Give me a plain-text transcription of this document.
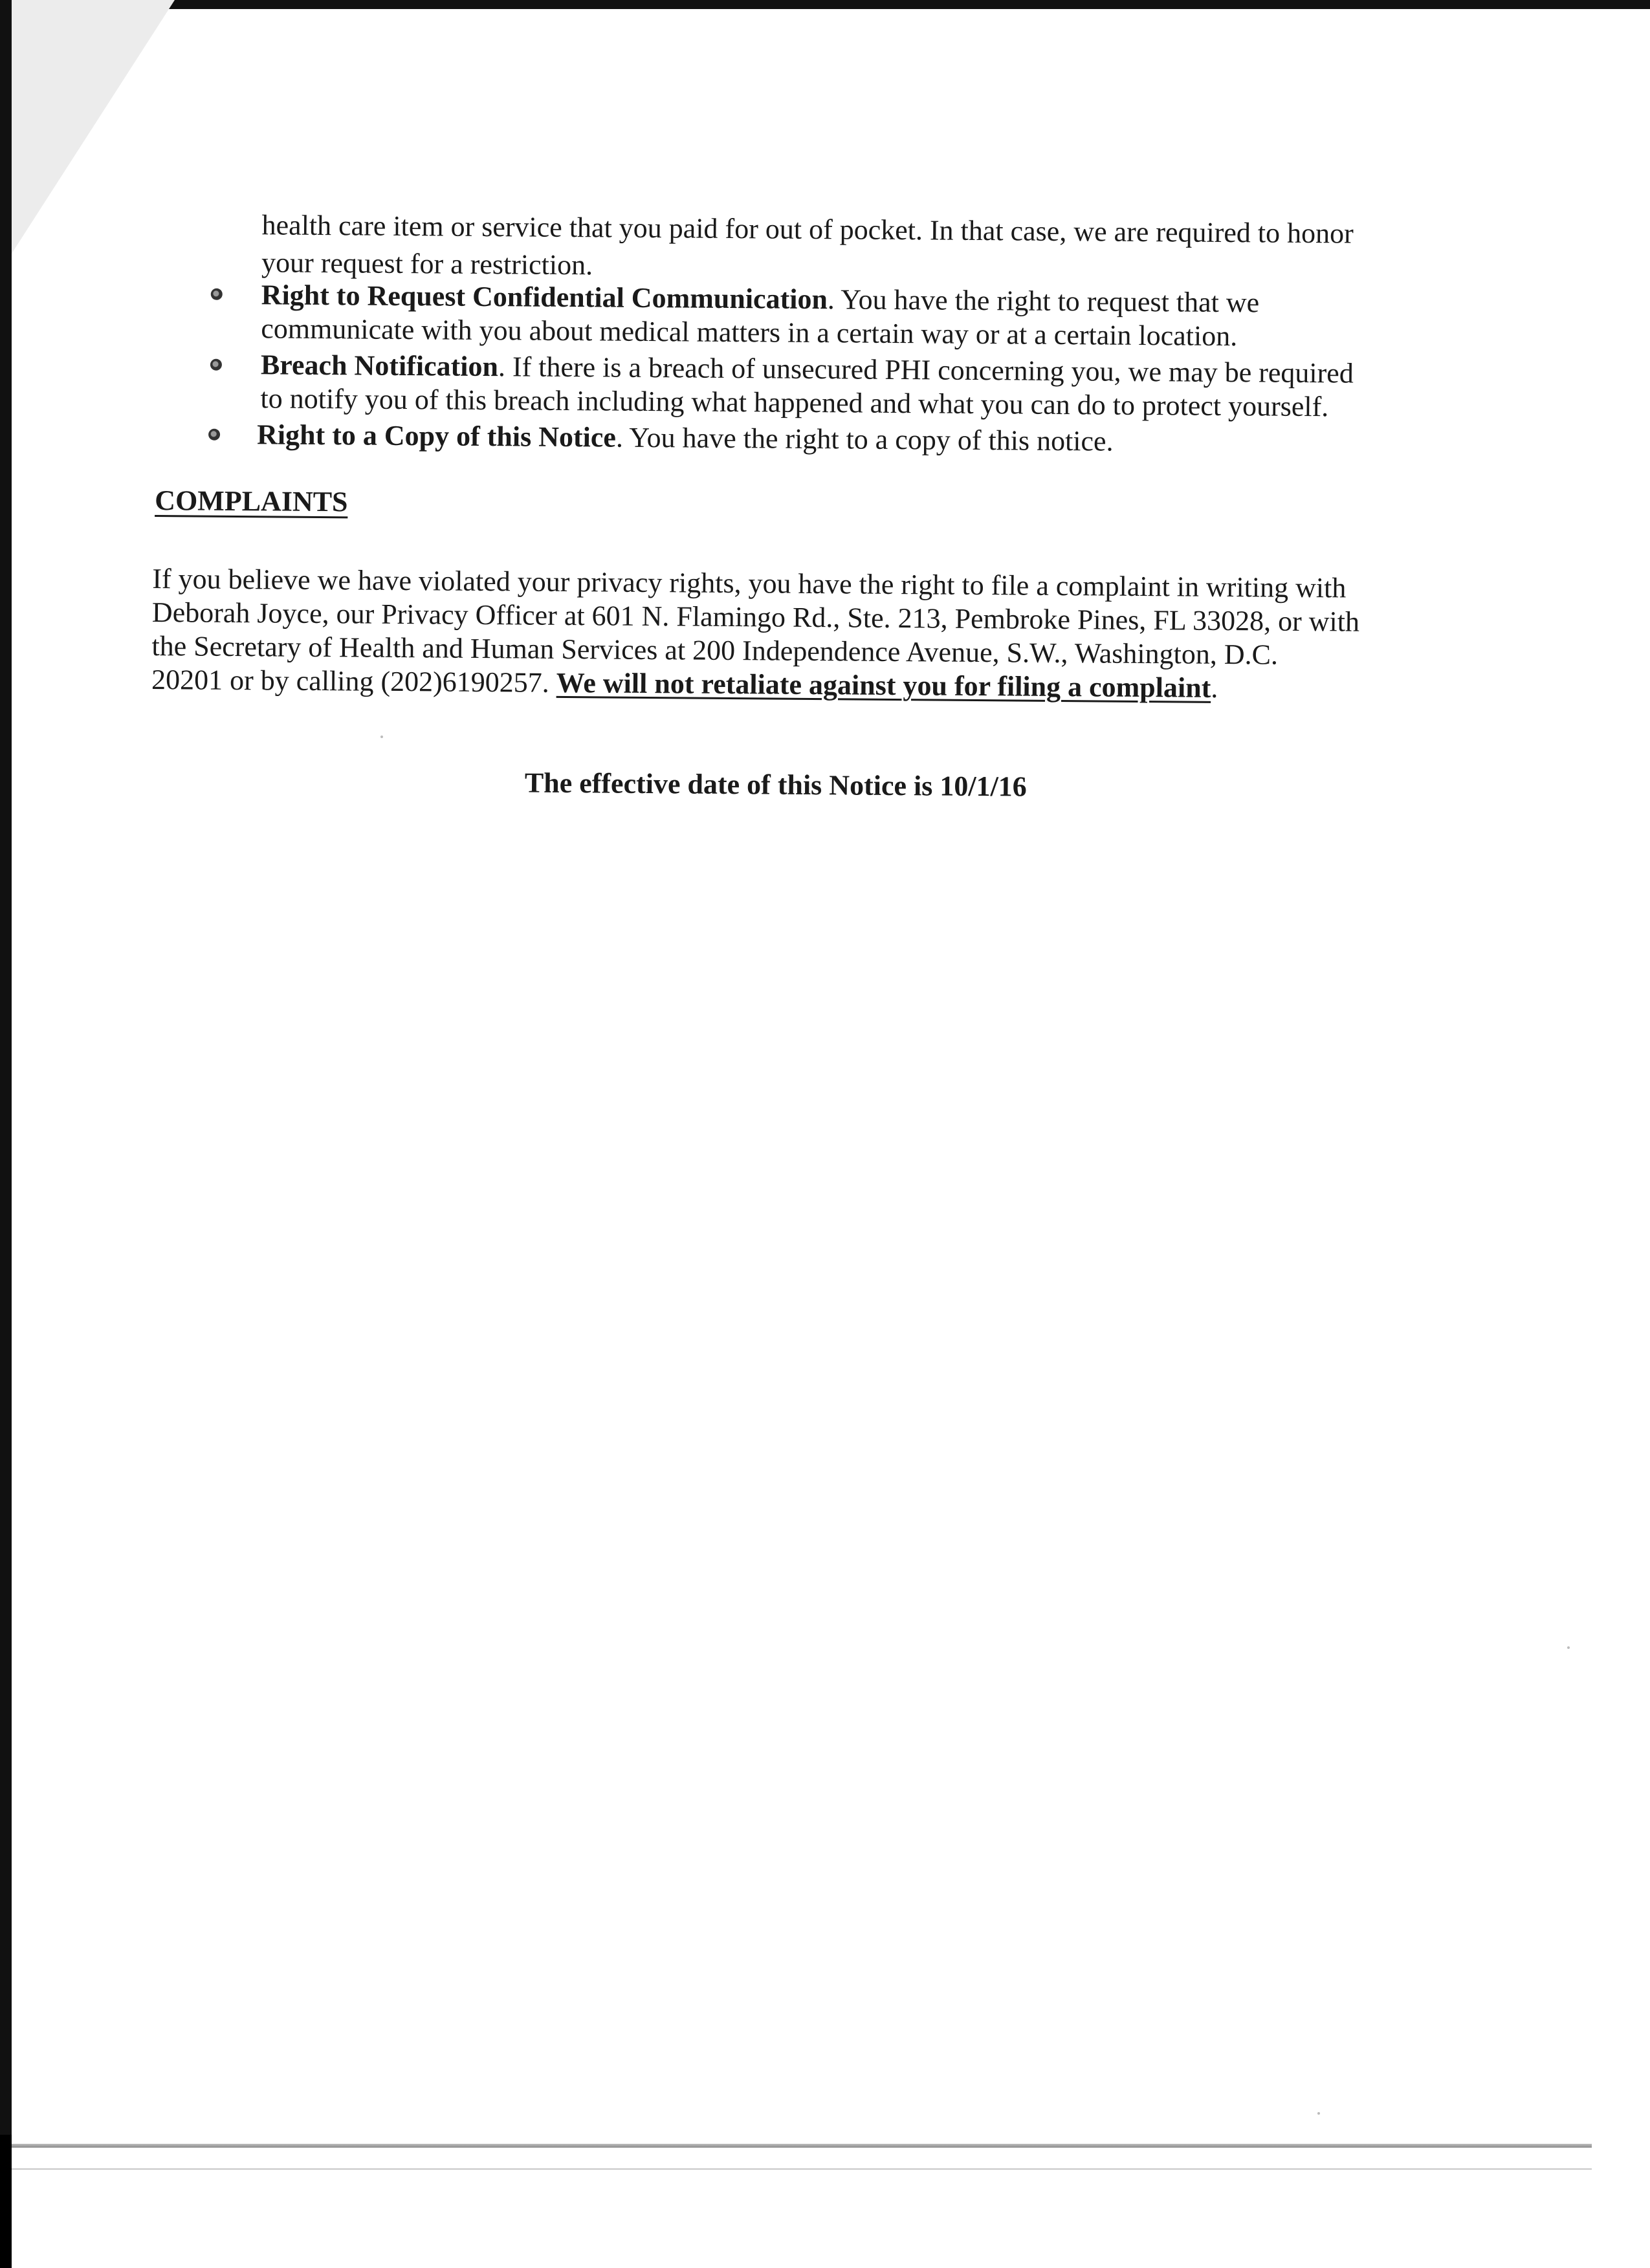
health care item or service that you paid for out of pocket. In that case, we are required to honor
your request for a restriction.
Right to Request Confidential Communication. You have the right to request that we
communicate with you about medical matters in a certain way or at a certain location.
Breach Notification. If there is a breach of unsecured PHI concerning you, we may be required
to notify you of this breach including what happened and what you can do to protect yourself.
Right to a Copy of this Notice. You have the right to a copy of this notice.
COMPLAINTS
If you believe we have violated your privacy rights, you have the right to file a complaint in writing with
Deborah Joyce, our Privacy Officer at 601 N. Flamingo Rd., Ste. 213, Pembroke Pines, FL 33028, or with
the Secretary of Health and Human Services at 200 Independence Avenue, S.W., Washington, D.C.
20201 or by calling (202)6190257. We will not retaliate against you for filing a complaint.
The effective date of this Notice is 10/1/16
